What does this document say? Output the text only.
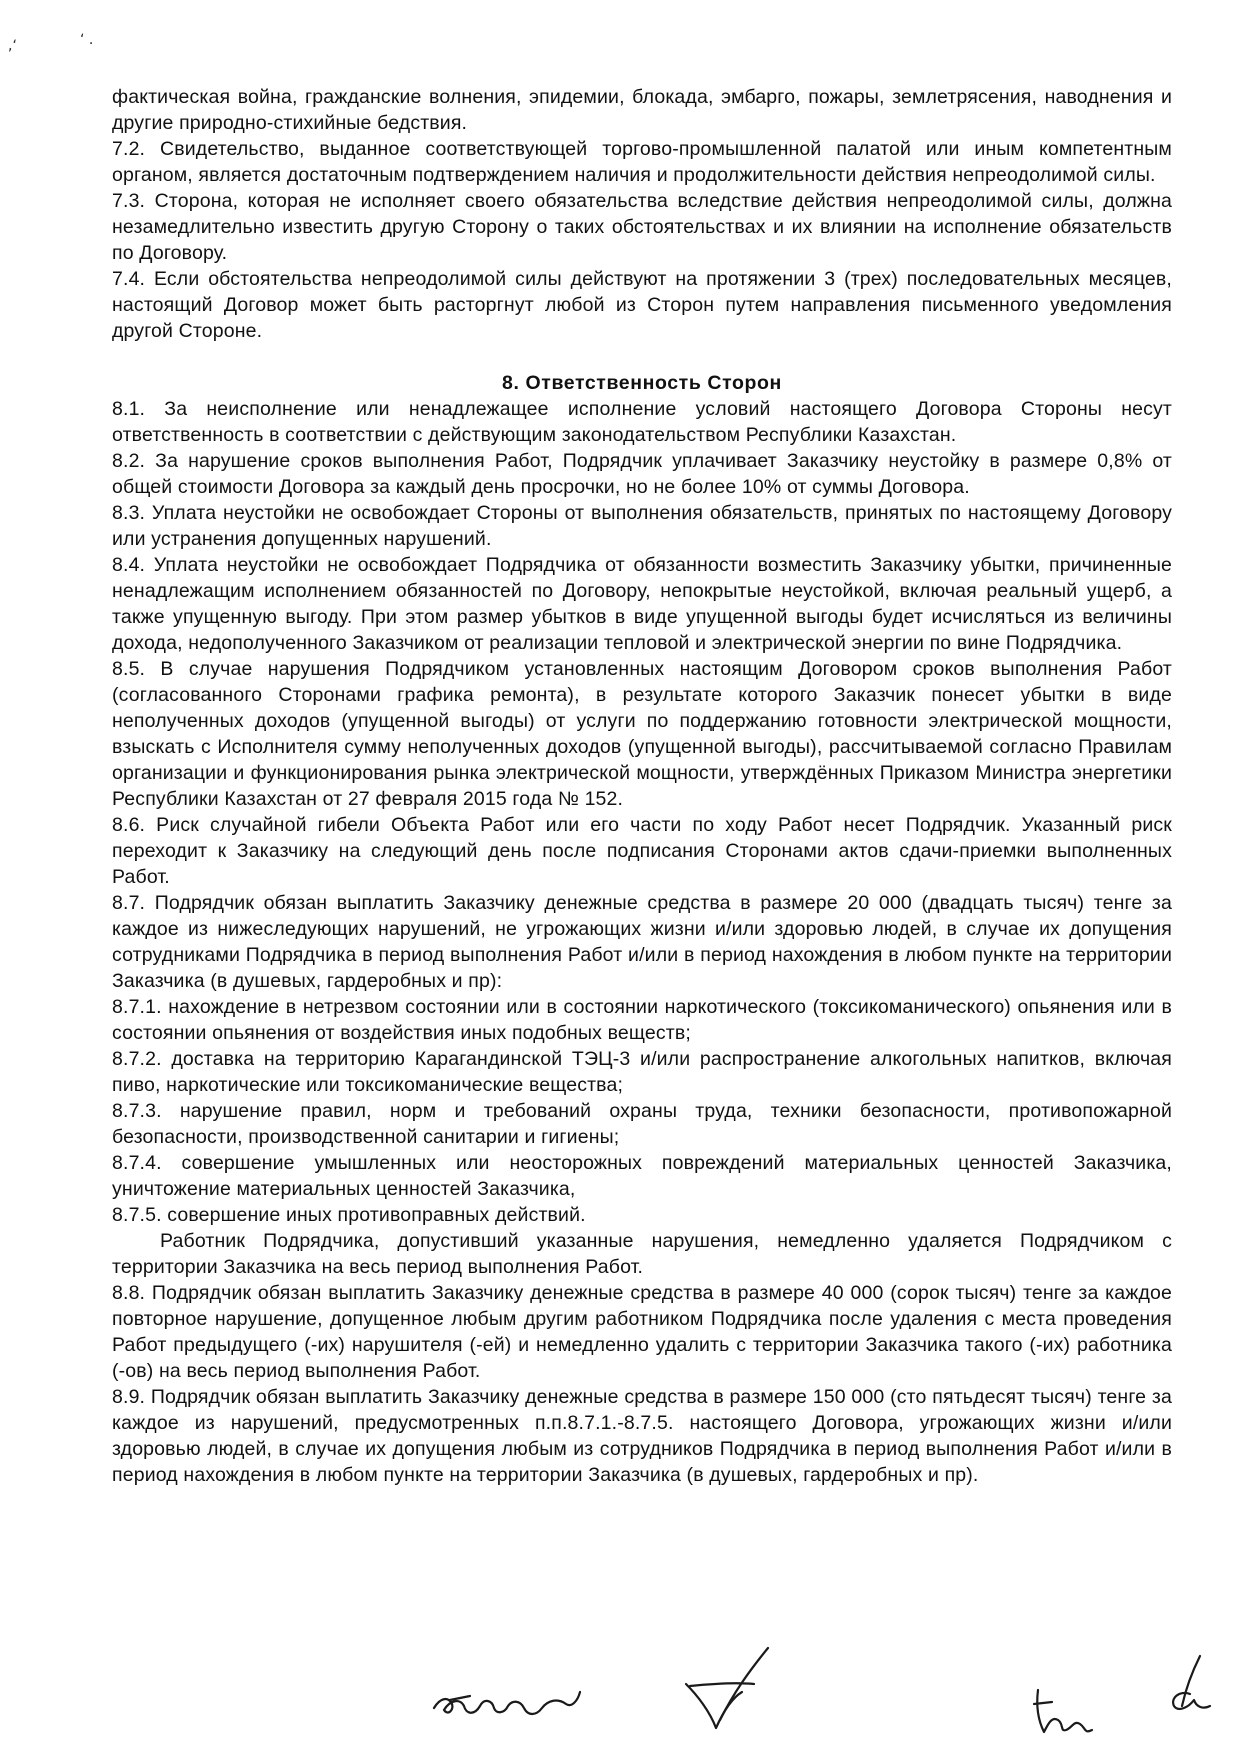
,‘	‘ .

фактическая война, гражданские волнения, эпидемии, блокада, эмбарго, пожары, землетрясения, наводнения и другие природно-стихийные бедствия.

7.2. Свидетельство, выданное соответствующей торгово-промышленной палатой или иным компетентным органом, является достаточным подтверждением наличия и продолжительности действия непреодолимой силы.

7.3. Сторона, которая не исполняет своего обязательства вследствие действия непреодолимой силы, должна незамедлительно известить другую Сторону о таких обстоятельствах и их влиянии на исполнение обязательств по Договору.

7.4. Если обстоятельства непреодолимой силы действуют на протяжении 3 (трех) последовательных месяцев, настоящий Договор может быть расторгнут любой из Сторон путем направления письменного уведомления другой Стороне.

8. Ответственность Сторон

8.1. За неисполнение или ненадлежащее исполнение условий настоящего Договора Стороны несут ответственность в соответствии с действующим законодательством Республики Казахстан.

8.2. За нарушение сроков выполнения Работ, Подрядчик уплачивает Заказчику неустойку в размере 0,8% от общей стоимости Договора за каждый день просрочки, но не более 10% от суммы Договора.

8.3. Уплата неустойки не освобождает Стороны от выполнения обязательств, принятых по настоящему Договору или устранения допущенных нарушений.

8.4. Уплата неустойки не освобождает Подрядчика от обязанности возместить Заказчику убытки, причиненные ненадлежащим исполнением обязанностей по Договору, непокрытые неустойкой, включая реальный ущерб, а также упущенную выгоду. При этом размер убытков в виде упущенной выгоды будет исчисляться из величины дохода, недополученного Заказчиком от реализации тепловой и электрической энергии по вине Подрядчика.

8.5. В случае нарушения Подрядчиком установленных настоящим Договором сроков выполнения Работ (согласованного Сторонами графика ремонта), в результате которого Заказчик понесет убытки в виде неполученных доходов (упущенной выгоды) от услуги по поддержанию готовности электрической мощности, взыскать с Исполнителя сумму неполученных доходов (упущенной выгоды), рассчитываемой согласно Правилам организации и функционирования рынка электрической мощности, утверждённых Приказом Министра энергетики Республики Казахстан от 27 февраля 2015 года № 152.

8.6. Риск случайной гибели Объекта Работ или его части по ходу Работ несет Подрядчик. Указанный риск переходит к Заказчику на следующий день после подписания Сторонами актов сдачи-приемки выполненных Работ.

8.7. Подрядчик обязан выплатить Заказчику денежные средства в размере 20 000 (двадцать тысяч) тенге за каждое из нижеследующих нарушений, не угрожающих жизни и/или здоровью людей, в случае их допущения сотрудниками Подрядчика в период выполнения Работ и/или в период нахождения в любом пункте на территории Заказчика (в душевых, гардеробных и пр):

8.7.1. нахождение в нетрезвом состоянии или в состоянии наркотического (токсикоманического) опьянения или в состоянии опьянения от воздействия иных подобных веществ;

8.7.2. доставка на территорию Карагандинской ТЭЦ-3 и/или распространение алкогольных напитков, включая пиво, наркотические или токсикоманические вещества;

8.7.3. нарушение правил, норм и требований охраны труда, техники безопасности, противопожарной безопасности, производственной санитарии и гигиены;

8.7.4. совершение умышленных или неосторожных повреждений материальных ценностей Заказчика, уничтожение материальных ценностей Заказчика,

8.7.5. совершение иных противоправных действий.

Работник Подрядчика, допустивший указанные нарушения, немедленно удаляется Подрядчиком с территории Заказчика на весь период выполнения Работ.

8.8. Подрядчик обязан выплатить Заказчику денежные средства в размере 40 000 (сорок тысяч) тенге за каждое повторное нарушение, допущенное любым другим работником Подрядчика после удаления с места проведения Работ предыдущего (-их) нарушителя (-ей) и немедленно удалить с территории Заказчика такого (-их) работника (-ов) на весь период выполнения Работ.

8.9. Подрядчик обязан выплатить Заказчику денежные средства в размере 150 000 (сто пятьдесят тысяч) тенге за каждое из нарушений, предусмотренных п.п.8.7.1.-8.7.5. настоящего Договора, угрожающих жизни и/или здоровью людей, в случае их допущения любым из сотрудников Подрядчика в период выполнения Работ и/или в период нахождения в любом пункте на территории Заказчика (в душевых, гардеробных и пр).
